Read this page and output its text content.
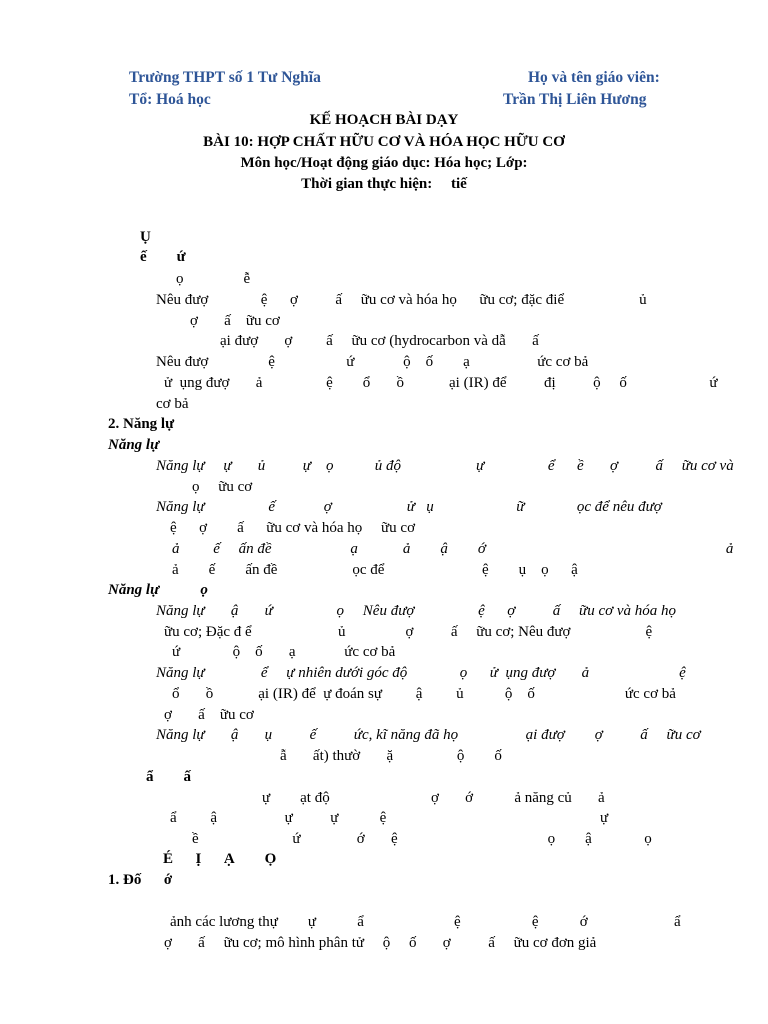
Trường THPT số 1 Tư Nghĩa
Tổ: Hoá học
Họ và tên giáo viên:
Trần Thị Liên Hương
KẾ HOẠCH BÀI DẠY
BÀI 10: HỢP CHẤT HỮU CƠ VÀ HÓA HỌC HỮU CƠ
Môn học/Hoạt động giáo dục: Hóa học; Lớp:
Thời gian thực hiện:     tiế
Ụ
ế        ứ
ọ                ễ
Nêu đượ              ệ      ợ          ấ     ữu cơ và hóa họ      ữu cơ; đặc điể                    ủ
ợ       ấ    ữu cơ
ại đượ       ợ         ấ     ữu cơ (hydrocarbon và dẫ       ấ
Nêu đượ                ệ                   ứ             ộ    ố        ạ                  ức cơ bả
ử  ụng đượ       ả                 ệ        ổ       ồ            ại (IR) để          đị          ộ     ố                      ứ
cơ bả
2. Năng lự
Năng lự
Năng lự     ự       ủ          ự    ọ           ủ độ                    ự                 ể      ề       ợ          ấ     ữu cơ và
ọ     ữu cơ
Năng lự                 ế             ợ                    ử   ụ                      ữ              ọc để nêu đượ
ệ      ợ        ấ      ữu cơ và hóa họ     ữu cơ
ả         ế     ấn đề                     ạ            ả        ậ        ớ                                                                ả
ả        ế        ấn đề                    ọc để                          ệ        ụ    ọ      ậ
Năng lự           ọ
Năng lự       ậ       ứ                 ọ     Nêu đượ                 ệ      ợ          ấ     ữu cơ và hóa họ
ữu cơ; Đặc đ ể                       ủ                ợ          ấ     ữu cơ; Nêu đượ                    ệ
ứ              ộ    ố       ạ             ức cơ bả
Năng lự               ể     ự nhiên dưới góc độ              ọ      ử  ụng đượ       ả                        ệ
ổ       ồ            ại (IR) để  ự đoán sự         ậ         ủ           ộ    ố                        ức cơ bả
ợ       ấ    ữu cơ
Năng lự       ậ       ụ          ế          ức, kĩ năng đã họ                  ại đượ        ợ          ấ     ữu cơ
ẫ       ất) thườ       ặ                 ộ        ố
ẩ        ấ
ự        ạt độ                           ợ       ớ           ả năng củ       ả
ẩ         ậ                  ự          ự           ệ                                                         ự
ề                         ứ               ớ       ệ                                        ọ        ậ              ọ
É      Ị      Ạ        Ọ
1. Đố      ớ
ảnh các lương thự        ự           ẩ                        ệ                   ệ           ớ                       ẩ
ợ       ấ     ữu cơ; mô hình phân tử     ộ     ố       ợ          ấ     ữu cơ đơn giả
